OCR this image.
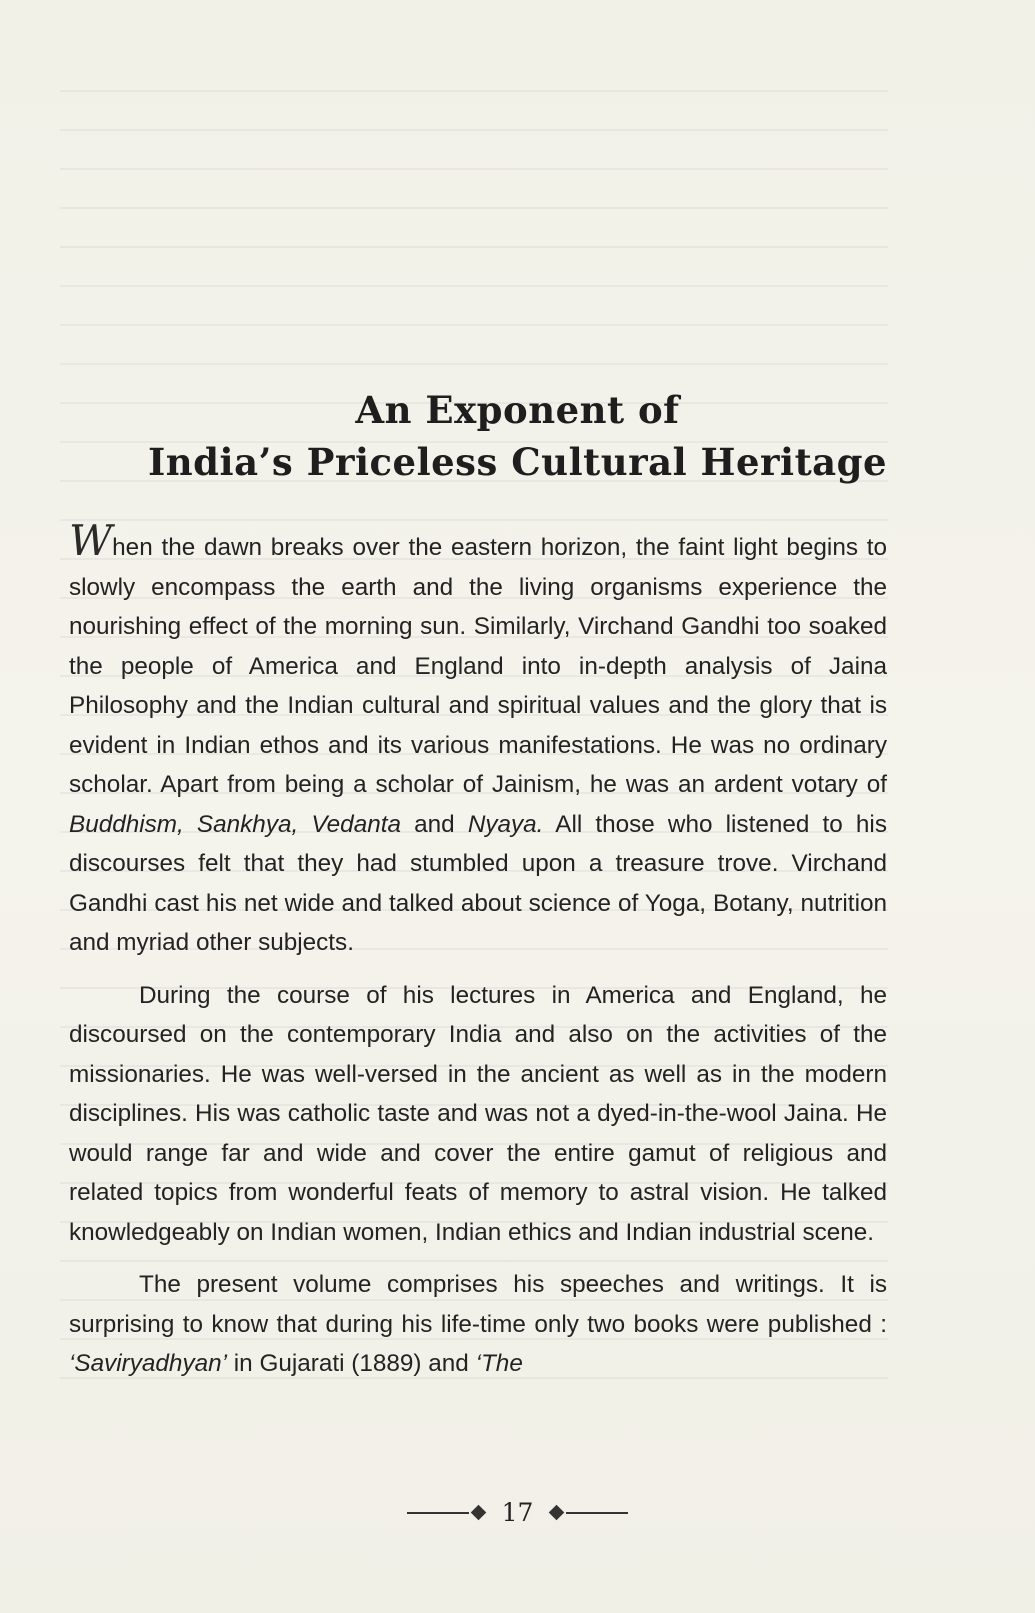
An Exponent of
India’s Priceless Cultural Heritage

When the dawn breaks over the eastern horizon, the faint light begins to slowly encompass the earth and the living organisms experience the nourishing effect of the morning sun. Similarly, Virchand Gandhi too soaked the people of America and England into in-depth analysis of Jaina Philosophy and the Indian cultural and spiritual values and the glory that is evident in Indian ethos and its various manifestations. He was no ordinary scholar. Apart from being a scholar of Jainism, he was an ardent votary of Buddhism, Sankhya, Vedanta and Nyaya. All those who listened to his discourses felt that they had stumbled upon a treasure trove. Virchand Gandhi cast his net wide and talked about science of Yoga, Botany, nutrition and myriad other subjects.

During the course of his lectures in America and England, he discoursed on the contemporary India and also on the activities of the missionaries. He was well-versed in the ancient as well as in the modern disciplines. His was catholic taste and was not a dyed-in-the-wool Jaina. He would range far and wide and cover the entire gamut of religious and related topics from wonderful feats of memory to astral vision. He talked knowledgeably on Indian women, Indian ethics and Indian industrial scene.

The present volume comprises his speeches and writings. It is surprising to know that during his life-time only two books were published : ‘Saviryadhyan’ in Gujarati (1889) and ‘The

17
